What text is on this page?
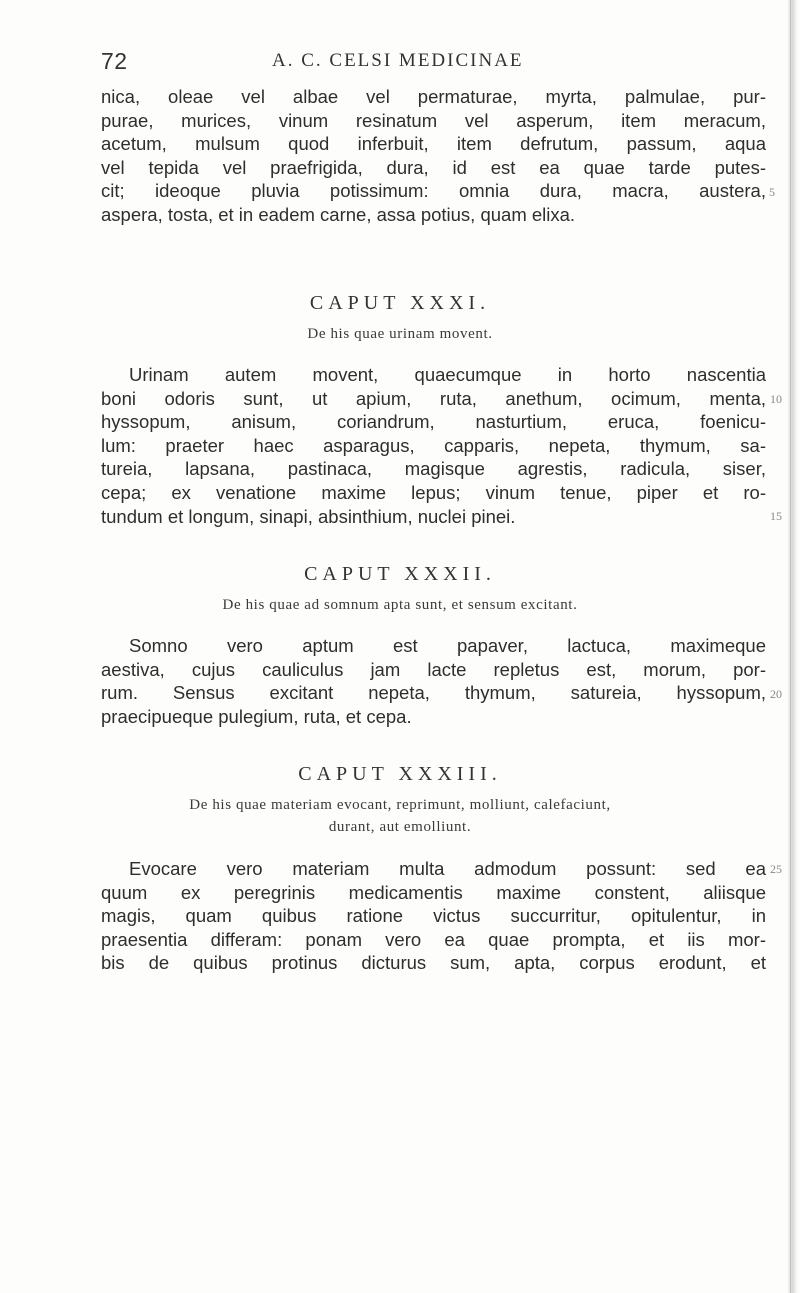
72	A. C. CELSI MEDICINAE
nica, oleae vel albae vel permaturae, myrta, palmulae, pur-
purae, murices, vinum resinatum vel asperum, item meracum,
acetum, mulsum quod inferbuit, item defrutum, passum, aqua
vel tepida vel praefrigida, dura, id est ea quae tarde putes-
cit; ideoque pluvia potissimum: omnia dura, macra, austera,
aspera, tosta, et in eadem carne, assa potius, quam elixa.
5
CAPUT XXXI.
De his quae urinam movent.
Urinam autem movent, quaecumque in horto nascentia
boni odoris sunt, ut apium, ruta, anethum, ocimum, menta,
hyssopum, anisum, coriandrum, nasturtium, eruca, foenicu-
lum: praeter haec asparagus, capparis, nepeta, thymum, sa-
tureia, lapsana, pastinaca, magisque agrestis, radicula, siser,
cepa; ex venatione maxime lepus; vinum tenue, piper et ro-
tundum et longum, sinapi, absinthium, nuclei pinei.
10
15
CAPUT XXXII.
De his quae ad somnum apta sunt, et sensum excitant.
Somno vero aptum est papaver, lactuca, maximeque
aestiva, cujus cauliculus jam lacte repletus est, morum, por-
rum. Sensus excitant nepeta, thymum, satureia, hyssopum,
praecipueque pulegium, ruta, et cepa.
20
CAPUT XXXIII.
De his quae materiam evocant, reprimunt, molliunt, calefaciunt,
durant, aut emolliunt.
Evocare vero materiam multa admodum possunt: sed ea
quum ex peregrinis medicamentis maxime constent, aliisque
magis, quam quibus ratione victus succurritur, opitulentur, in
praesentia differam: ponam vero ea quae prompta, et iis mor-
bis de quibus protinus dicturus sum, apta, corpus erodunt, et
25
